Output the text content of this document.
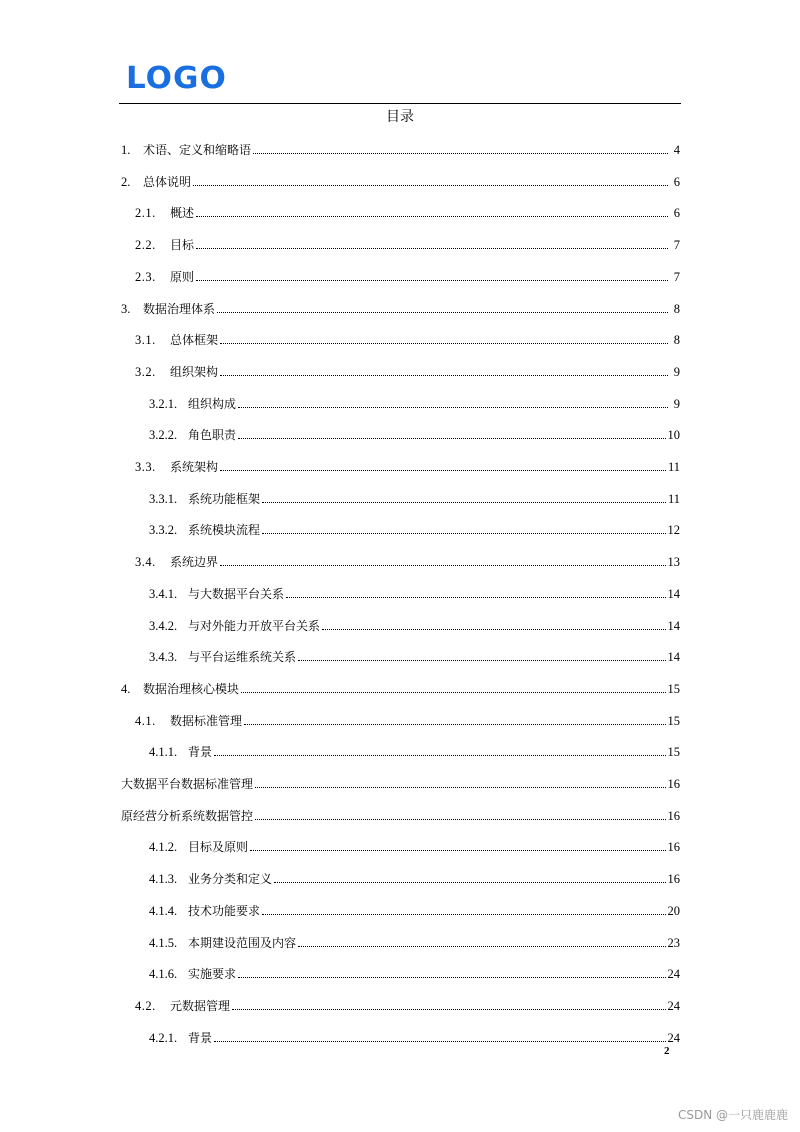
LOGO
目录
1.	术语、定义和缩略语	4
2.	总体说明	6
2.1.	概述	6
2.2.	目标	7
2.3.	原则	7
3.	数据治理体系	8
3.1.	总体框架	8
3.2.	组织架构	9
3.2.1. 组织构成	9
3.2.2. 角色职责	10
3.3.	系统架构	11
3.3.1. 系统功能框架	11
3.3.2. 系统模块流程	12
3.4.	系统边界	13
3.4.1. 与大数据平台关系	14
3.4.2. 与对外能力开放平台关系	14
3.4.3. 与平台运维系统关系	14
4.	数据治理核心模块	15
4.1.	数据标准管理	15
4.1.1. 背景	15
大数据平台数据标准管理	16
原经营分析系统数据管控	16
4.1.2. 目标及原则	16
4.1.3. 业务分类和定义	16
4.1.4. 技术功能要求	20
4.1.5. 本期建设范围及内容	23
4.1.6. 实施要求	24
4.2.	元数据管理	24
4.2.1. 背景	24
2
CSDN @一只鹿鹿鹿
